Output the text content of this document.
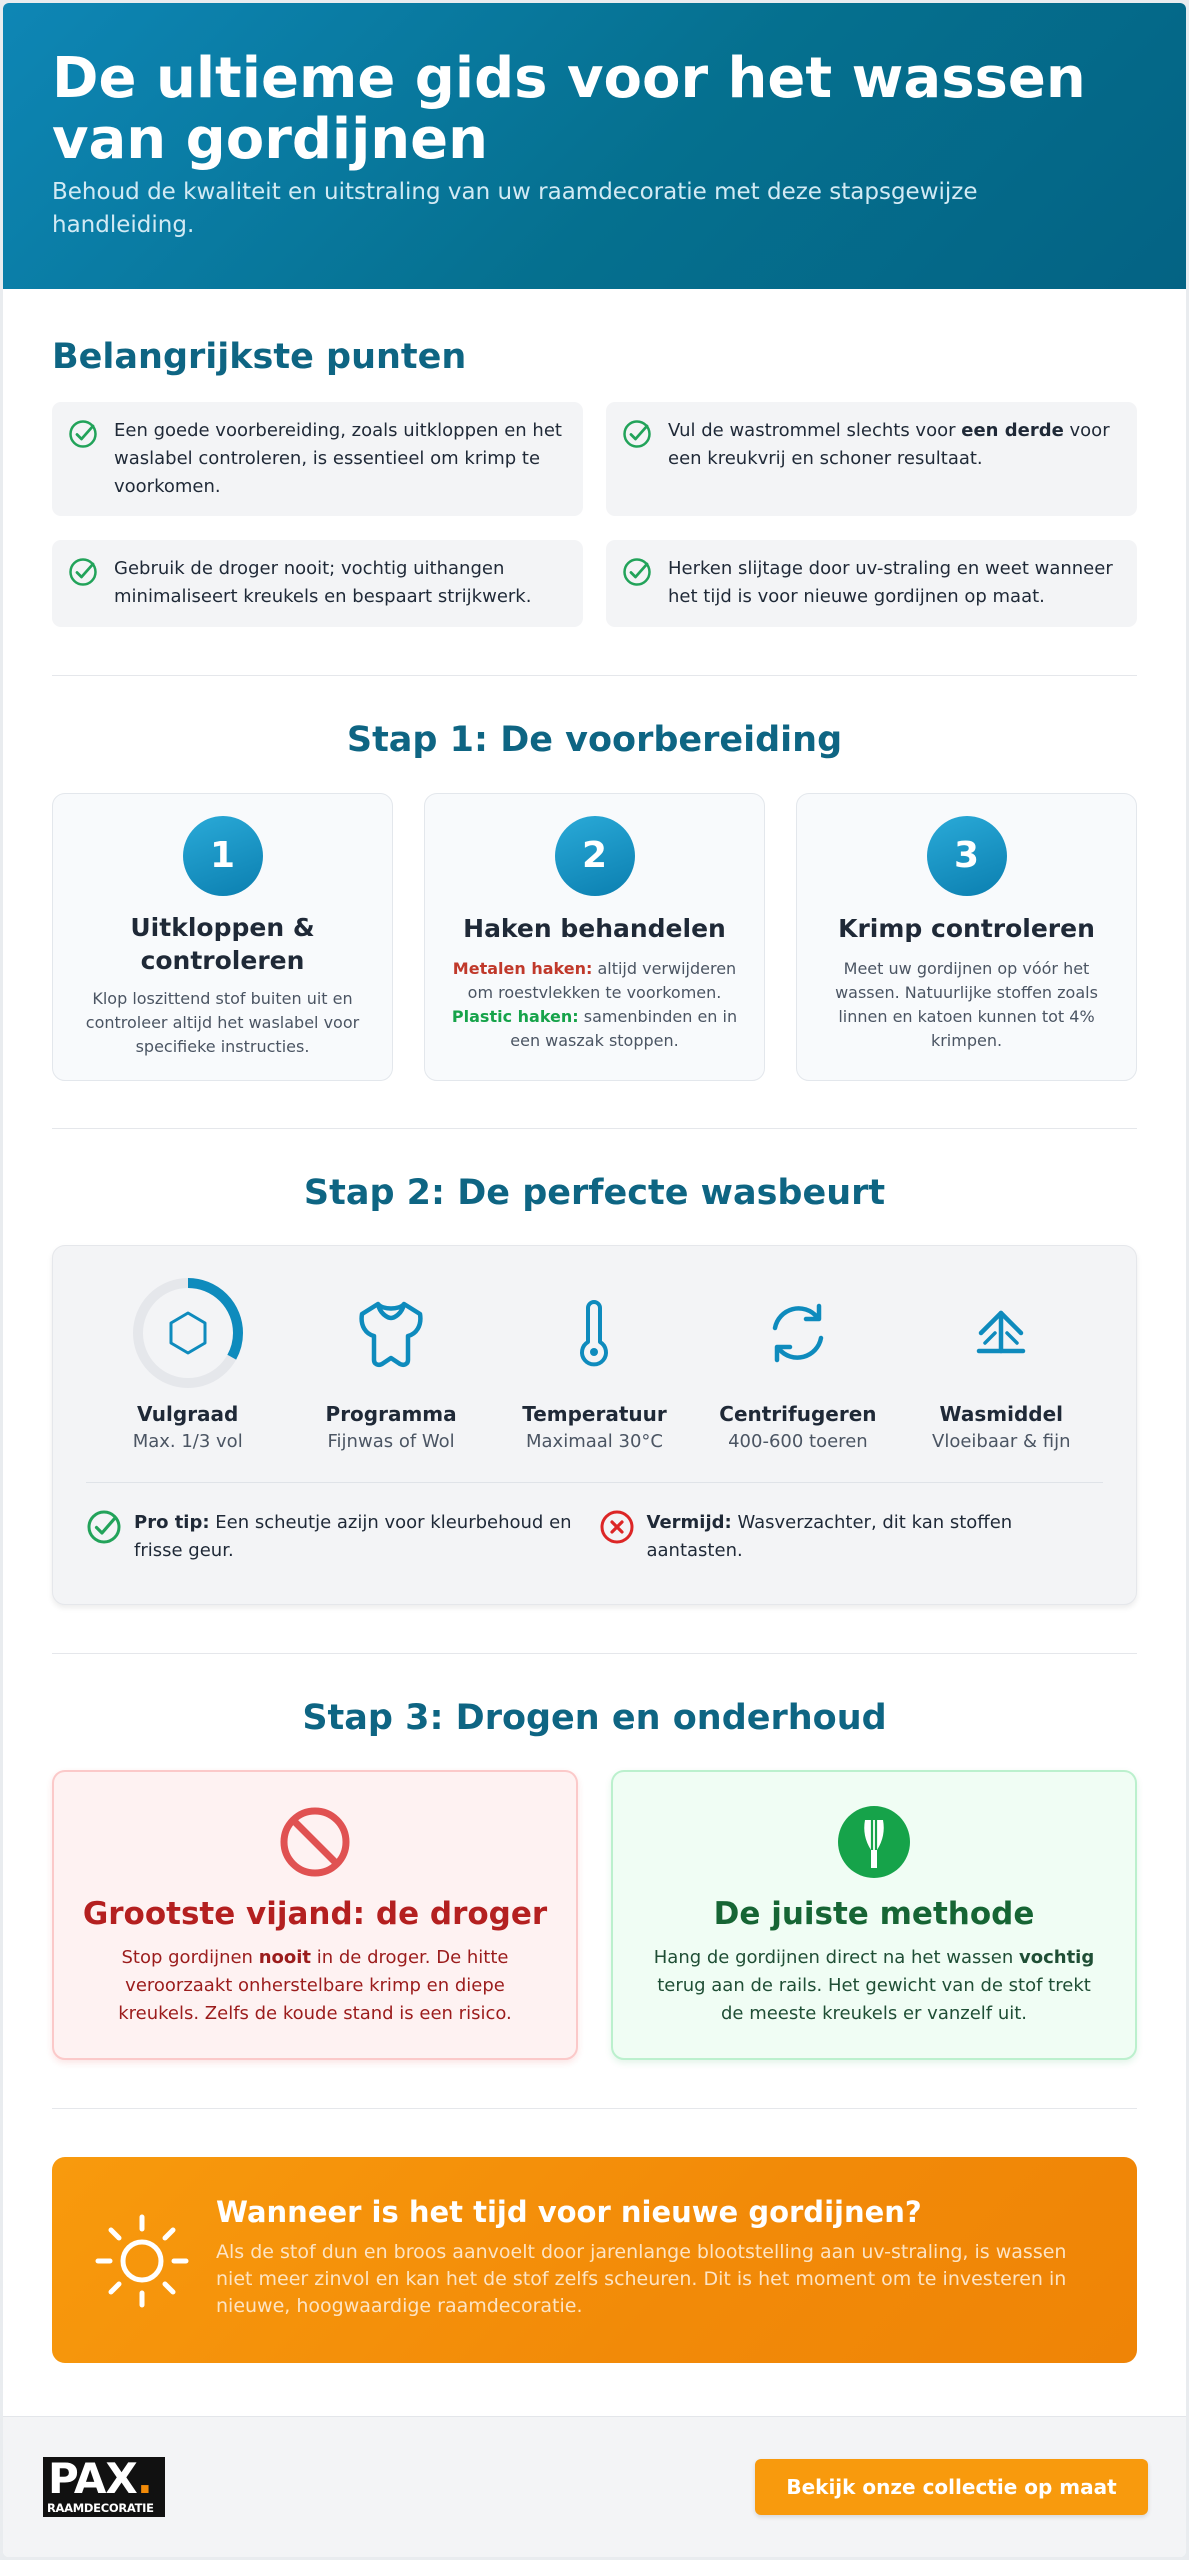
De ultieme gids voor het wassen van gordijnen

Behoud de kwaliteit en uitstraling van uw raamdecoratie met deze stapsgewijze handleiding.

Belangrijkste punten
Een goede voorbereiding, zoals uitkloppen en het waslabel controleren, is essentieel om krimp te voorkomen.
Vul de wastrommel slechts voor een derde voor een kreukvrij en schoner resultaat.
Gebruik de droger nooit; vochtig uithangen minimaliseert kreukels en bespaart strijkwerk.
Herken slijtage door uv-straling en weet wanneer het tijd is voor nieuwe gordijnen op maat.
Stap 1: De voorbereiding
1
Uitkloppen & controleren

Klop loszittend stof buiten uit en controleer altijd het waslabel voor specifieke instructies.

2
Haken behandelen

Metalen haken: altijd verwijderen om roestvlekken te voorkomen.
Plastic haken: samenbinden en in een waszak stoppen.

3
Krimp controleren

Meet uw gordijnen op vóór het wassen. Natuurlijke stoffen zoals linnen en katoen kunnen tot 4% krimpen.

Stap 2: De perfecte wasbeurt
Vulgraad
Max. 1/3 vol
Programma
Fijnwas of Wol
Temperatuur
Maximaal 30°C
Centrifugeren
400-600 toeren
Wasmiddel
Vloeibaar & fijn
Pro tip: Een scheutje azijn voor kleurbehoud en frisse geur.
Vermijd: Wasverzachter, dit kan stoffen aantasten.
Stap 3: Drogen en onderhoud
Grootste vijand: de droger

Stop gordijnen nooit in de droger. De hitte veroorzaakt onherstelbare krimp en diepe kreukels. Zelfs de koude stand is een risico.

De juiste methode

Hang de gordijnen direct na het wassen vochtig terug aan de rails. Het gewicht van de stof trekt de meeste kreukels er vanzelf uit.

Wanneer is het tijd voor nieuwe gordijnen?

Als de stof dun en broos aanvoelt door jarenlange blootstelling aan uv-straling, is wassen niet meer zinvol en kan het de stof zelfs scheuren. Dit is het moment om te investeren in nieuwe, hoogwaardige raamdecoratie.

PAX.
RAAMDECORATIE
Bekijk onze collectie op maat
